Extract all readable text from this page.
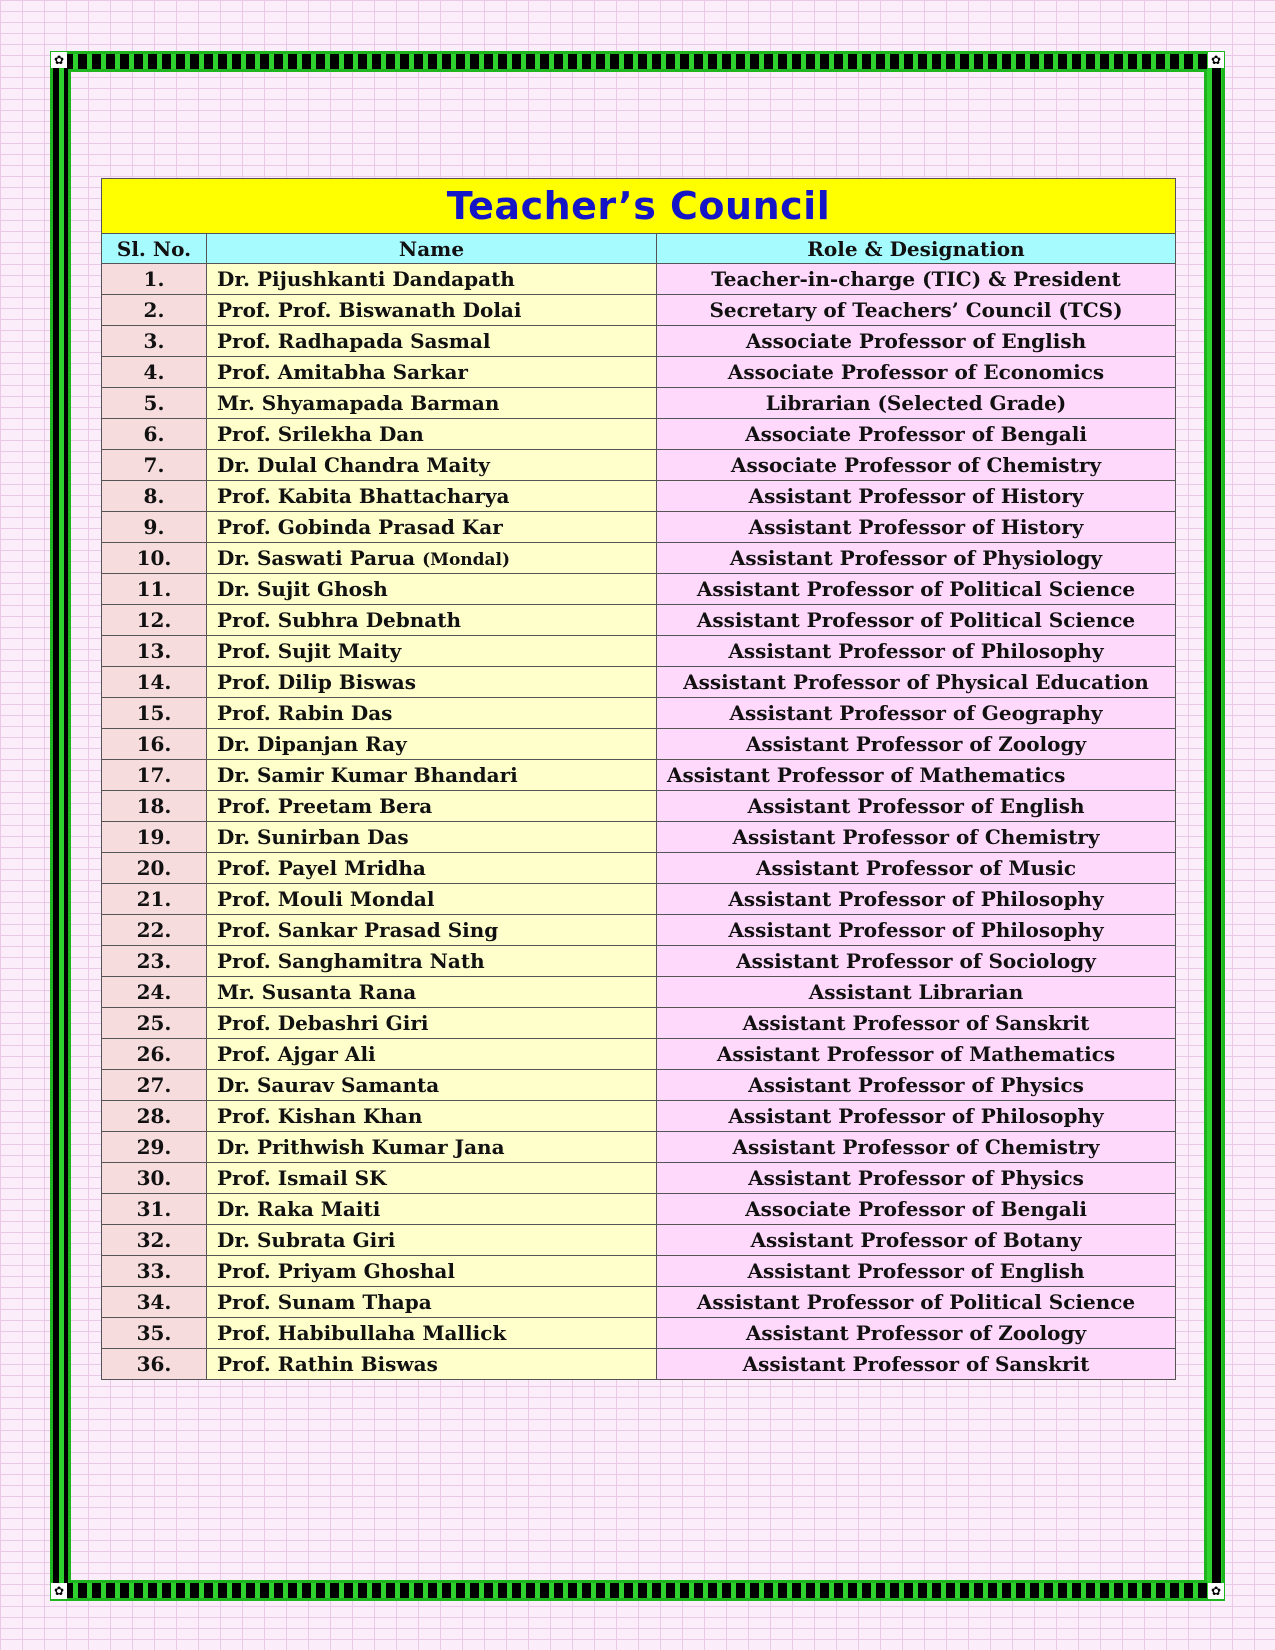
✿	✿
✿	✿
Teacher’s Council
Sl. No.	Name	Role & Designation
1.	Dr. Pijushkanti Dandapath	Teacher-in-charge (TIC) & President
2.	Prof. Prof. Biswanath Dolai	Secretary of Teachers’ Council (TCS)
3.	Prof. Radhapada Sasmal	Associate Professor of English
4.	Prof. Amitabha Sarkar	Associate Professor of Economics
5.	Mr. Shyamapada Barman	Librarian (Selected Grade)
6.	Prof. Srilekha Dan	Associate Professor of Bengali
7.	Dr. Dulal Chandra Maity	Associate Professor of Chemistry
8.	Prof. Kabita Bhattacharya	Assistant Professor of History
9.	Prof. Gobinda Prasad Kar	Assistant Professor of History
10.	Dr. Saswati Parua (Mondal)	Assistant Professor of Physiology
11.	Dr. Sujit Ghosh	Assistant Professor of Political Science
12.	Prof. Subhra Debnath	Assistant Professor of Political Science
13.	Prof. Sujit Maity	Assistant Professor of Philosophy
14.	Prof. Dilip Biswas	Assistant Professor of Physical Education
15.	Prof. Rabin Das	Assistant Professor of Geography
16.	Dr. Dipanjan Ray	Assistant Professor of Zoology
17.	Dr. Samir Kumar Bhandari	Assistant Professor of Mathematics
18.	Prof. Preetam Bera	Assistant Professor of English
19.	Dr. Sunirban Das	Assistant Professor of Chemistry
20.	Prof. Payel Mridha	Assistant Professor of Music
21.	Prof. Mouli Mondal	Assistant Professor of Philosophy
22.	Prof. Sankar Prasad Sing	Assistant Professor of Philosophy
23.	Prof. Sanghamitra Nath	Assistant Professor of Sociology
24.	Mr. Susanta Rana	Assistant Librarian
25.	Prof. Debashri Giri	Assistant Professor of Sanskrit
26.	Prof. Ajgar Ali	Assistant Professor of Mathematics
27.	Dr. Saurav Samanta	Assistant Professor of Physics
28.	Prof. Kishan Khan	Assistant Professor of Philosophy
29.	Dr. Prithwish Kumar Jana	Assistant Professor of Chemistry
30.	Prof. Ismail SK	Assistant Professor of Physics
31.	Dr. Raka Maiti	Associate Professor of Bengali
32.	Dr. Subrata Giri	Assistant Professor of Botany
33.	Prof. Priyam Ghoshal	Assistant Professor of English
34.	Prof. Sunam Thapa	Assistant Professor of Political Science
35.	Prof. Habibullaha Mallick	Assistant Professor of Zoology
36.	Prof. Rathin Biswas	Assistant Professor of Sanskrit
